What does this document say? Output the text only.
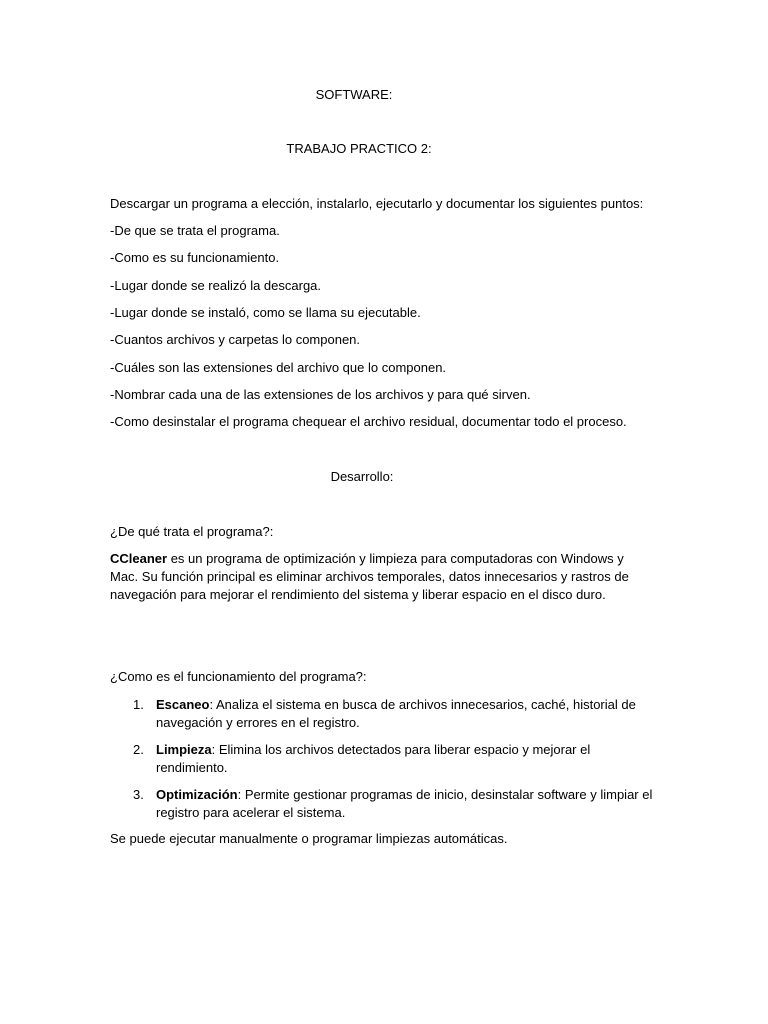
SOFTWARE:
TRABAJO PRACTICO 2:
Descargar un programa a elección, instalarlo, ejecutarlo y documentar los siguientes puntos:
-De que se trata el programa.
-Como es su funcionamiento.
-Lugar donde se realizó la descarga.
-Lugar donde se instaló, como se llama su ejecutable.
-Cuantos archivos y carpetas lo componen.
-Cuáles son las extensiones del archivo que lo componen.
-Nombrar cada una de las extensiones de los archivos y para qué sirven.
-Como desinstalar el programa chequear el archivo residual, documentar todo el proceso.
Desarrollo:
¿De qué trata el programa?:
CCleaner es un programa de optimización y limpieza para computadoras con Windows y Mac. Su función principal es eliminar archivos temporales, datos innecesarios y rastros de navegación para mejorar el rendimiento del sistema y liberar espacio en el disco duro.
¿Como es el funcionamiento del programa?:
1. Escaneo: Analiza el sistema en busca de archivos innecesarios, caché, historial de navegación y errores en el registro.
2. Limpieza: Elimina los archivos detectados para liberar espacio y mejorar el rendimiento.
3. Optimización: Permite gestionar programas de inicio, desinstalar software y limpiar el registro para acelerar el sistema.
Se puede ejecutar manualmente o programar limpiezas automáticas.
